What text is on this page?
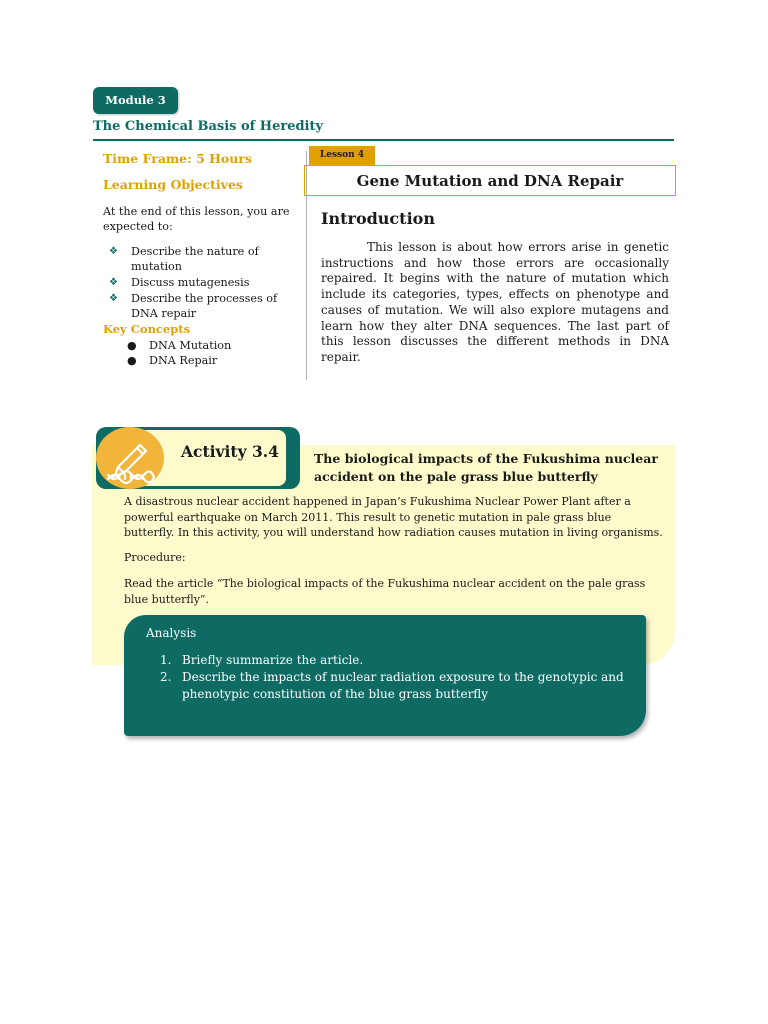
Module 3
The Chemical Basis of Heredity
Time Frame: 5 Hours
Learning Objectives
At the end of this lesson, you are expected to:
❖ Describe the nature of mutation
❖ Discuss mutagenesis
❖ Describe the processes of DNA repair
Key Concepts
● DNA Mutation
● DNA Repair
Lesson 4
Gene Mutation and DNA Repair
Introduction

This lesson is about how errors arise in genetic instructions and how those errors are occasionally repaired. It begins with the nature of mutation which include its categories, types, effects on phenotype and causes of mutation. We will also explore mutagens and learn how they alter DNA sequences. The last part of this lesson discusses the different methods in DNA repair.

Activity 3.4	The biological impacts of the Fukushima nuclear accident on the pale grass blue butterfly

A disastrous nuclear accident happened in Japan’s Fukushima Nuclear Power Plant after a powerful earthquake on March 2011. This result to genetic mutation in pale grass blue butterfly. In this activity, you will understand how radiation causes mutation in living organisms.

Procedure:

Read the article “The biological impacts of the Fukushima nuclear accident on the pale grass blue butterfly”.

Analysis
1. Briefly summarize the article.
2. Describe the impacts of nuclear radiation exposure to the genotypic and phenotypic constitution of the blue grass butterfly
